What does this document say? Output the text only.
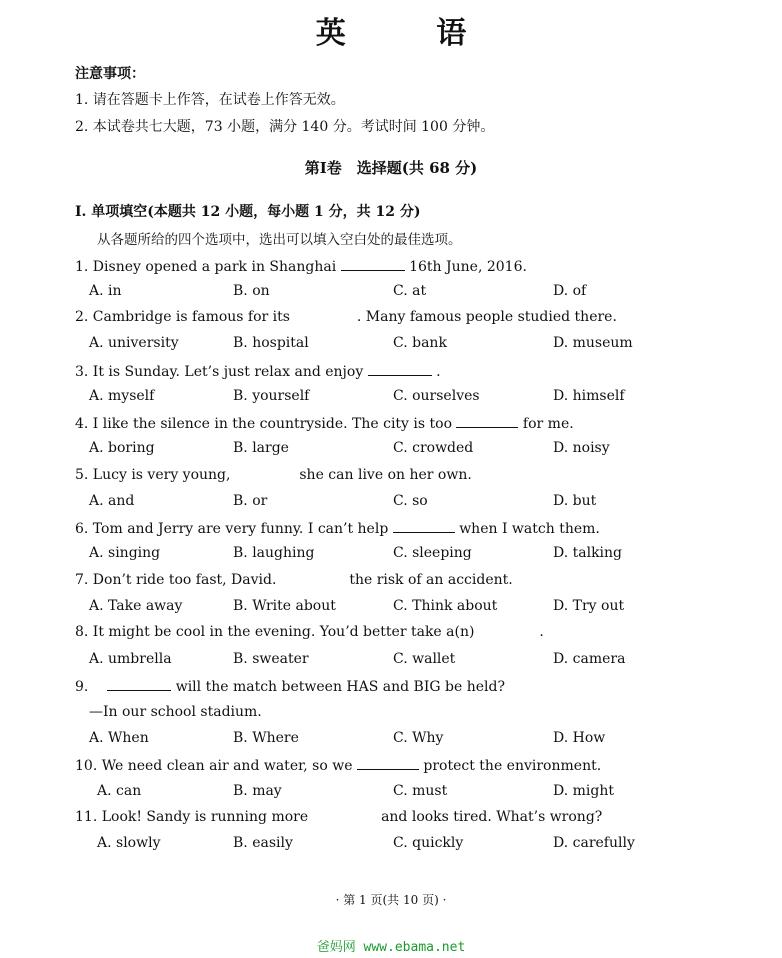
英 语
注意事项：
1. 请在答题卡上作答，在试卷上作答无效。
2. 本试卷共七大题，73 小题，满分 140 分。考试时间 100 分钟。
第Ⅰ卷　选择题(共 68 分)
Ⅰ. 单项填空(本题共 12 小题，每小题 1 分，共 12 分)
从各题所给的四个选项中，选出可以填入空白处的最佳选项。
1. Disney opened a park in Shanghai	16th June, 2016.
A. in	B. on	C. at	D. of
2. Cambridge is famous for its	. Many famous people studied there.
A. university	B. hospital	C. bank	D. museum
3. It is Sunday. Let’s just relax and enjoy	.
A. myself	B. yourself	C. ourselves	D. himself
4. I like the silence in the countryside. The city is too	for me.
A. boring	B. large	C. crowded	D. noisy
5. Lucy is very young,	she can live on her own.
A. and	B. or	C. so	D. but
6. Tom and Jerry are very funny. I can’t help	when I watch them.
A. singing	B. laughing	C. sleeping	D. talking
7. Don’t ride too fast, David.	the risk of an accident.
A. Take away	B. Write about	C. Think about	D. Try out
8. It might be cool in the evening. You’d better take a(n)	.
A. umbrella	B. sweater	C. wallet	D. camera
9.	will the match between HAS and BIG be held?
—In our school stadium.
A. When	B. Where	C. Why	D. How
10. We need clean air and water, so we	protect the environment.
A. can	B. may	C. must	D. might
11. Look! Sandy is running more	and looks tired. What’s wrong?
A. slowly	B. easily	C. quickly	D. carefully
· 第 1 页(共 10 页) ·
爸妈网 www.ebama.net
